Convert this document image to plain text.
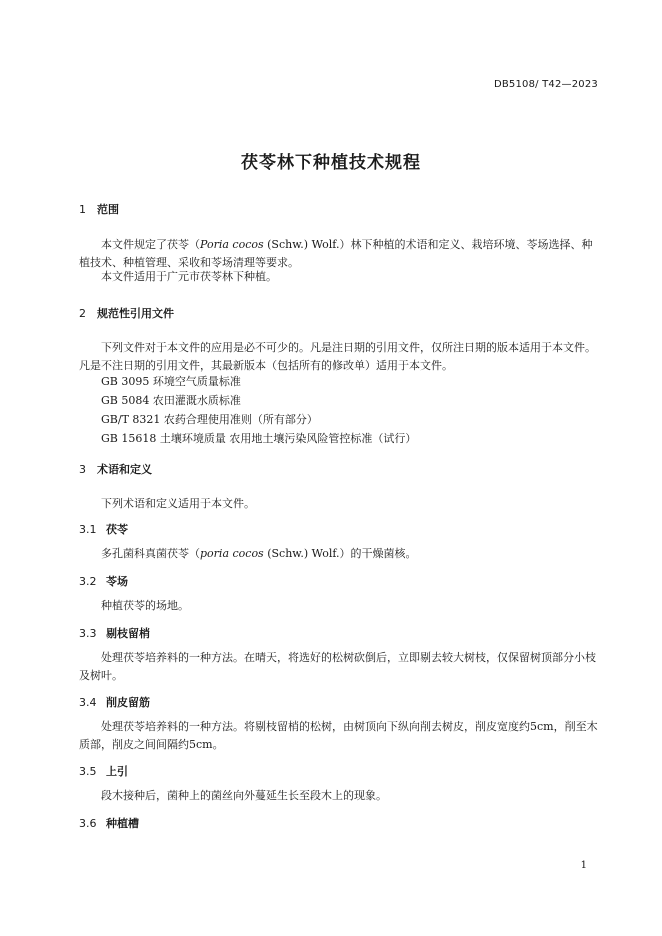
DB5108/ T42—2023
茯苓林下种植技术规程
1 范围

本文件规定了茯苓（Poria cocos (Schw.) Wolf.）林下种植的术语和定义、栽培环境、苓场选择、种植技术、种植管理、采收和苓场清理等要求。

本文件适用于广元市茯苓林下种植。

2 规范性引用文件

下列文件对于本文件的应用是必不可少的。凡是注日期的引用文件，仅所注日期的版本适用于本文件。凡是不注日期的引用文件，其最新版本（包括所有的修改单）适用于本文件。

GB 3095 环境空气质量标准
GB 5084 农田灌溉水质标准
GB/T 8321 农药合理使用准则（所有部分）
GB 15618 土壤环境质量 农用地土壤污染风险管控标准（试行）
3 术语和定义

下列术语和定义适用于本文件。

3.1 茯苓

多孔菌科真菌茯苓（poria cocos (Schw.) Wolf.）的干燥菌核。

3.2 苓场

种植茯苓的场地。

3.3 剔枝留梢

处理茯苓培养料的一种方法。在晴天，将选好的松树砍倒后，立即剔去较大树枝，仅保留树顶部分小枝及树叶。

3.4 削皮留筋

处理茯苓培养料的一种方法。将剔枝留梢的松树，由树顶向下纵向削去树皮，削皮宽度约5cm，削至木质部，削皮之间间隔约5cm。

3.5 上引

段木接种后，菌种上的菌丝向外蔓延生长至段木上的现象。

3.6 种植槽
1
